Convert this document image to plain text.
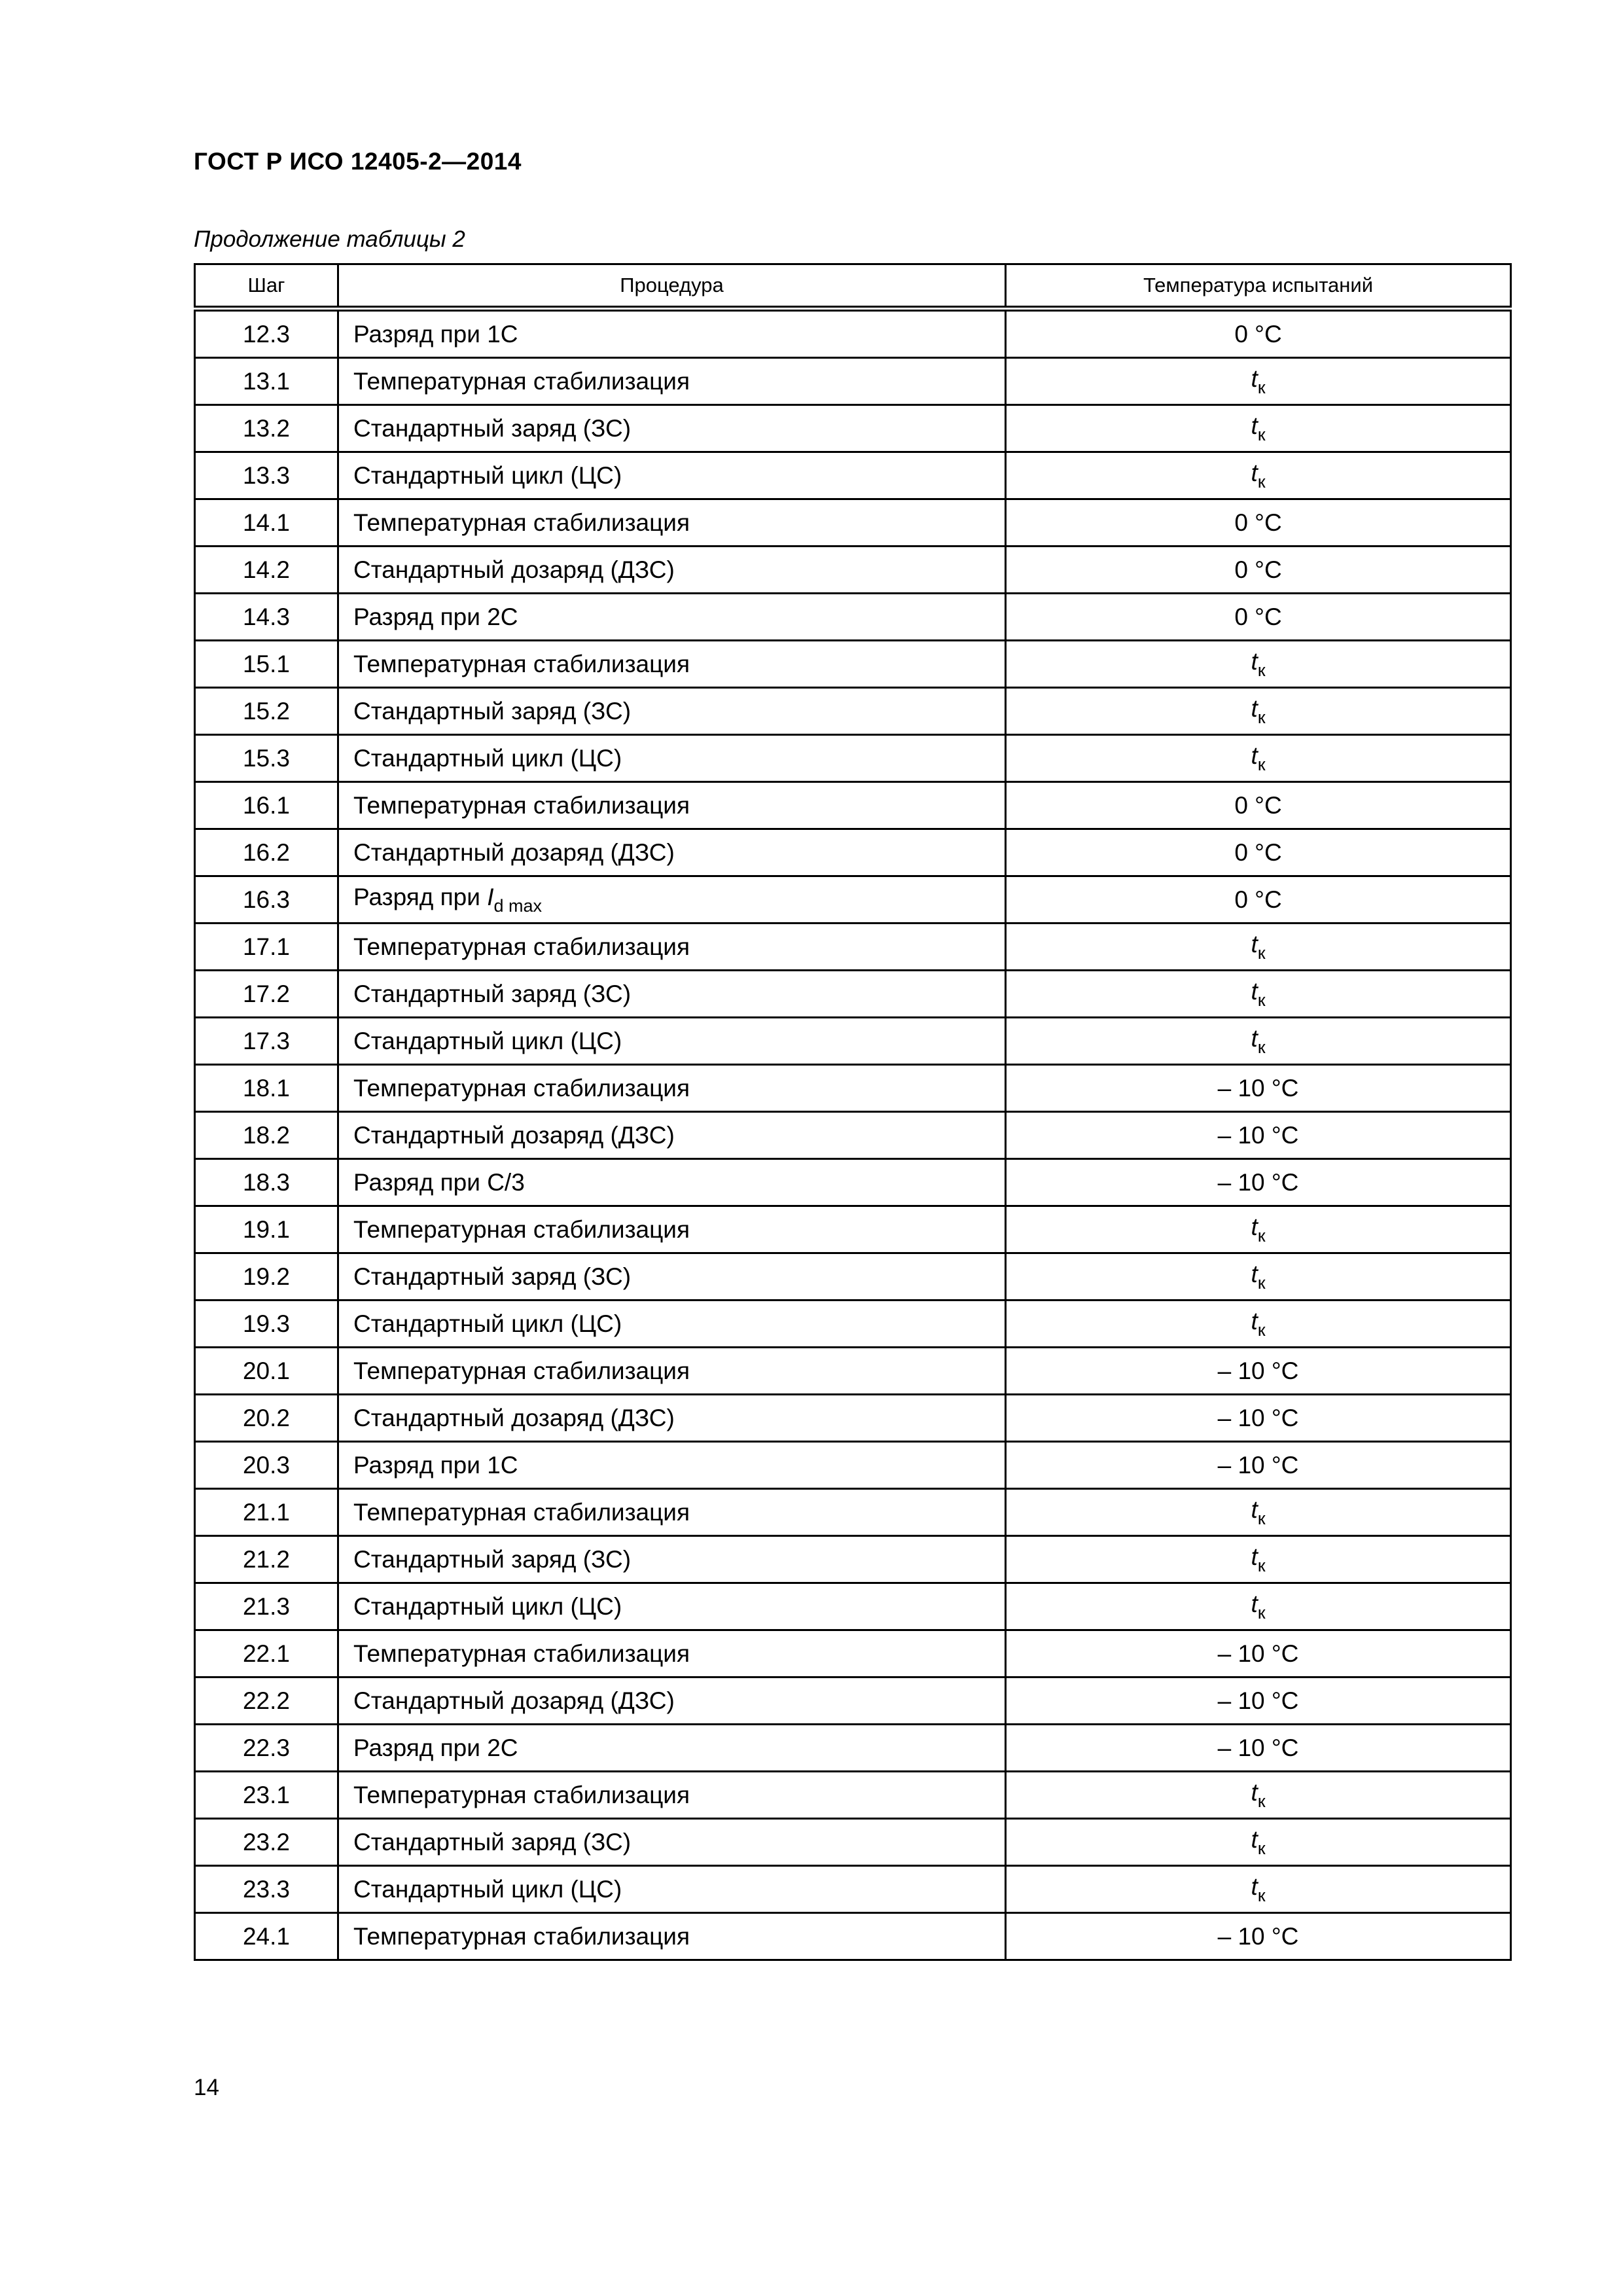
ГОСТ Р ИСО 12405-2—2014
Продолжение таблицы 2
Шаг	Процедура	Температура испытаний
12.3	Разряд при 1С	0 °С
13.1	Температурная стабилизация	$t_к$
13.2	Стандартный заряд (ЗС)	$t_к$
13.3	Стандартный цикл (ЦС)	$t_к$
14.1	Температурная стабилизация	0 °С
14.2	Стандартный дозаряд (ДЗС)	0 °С
14.3	Разряд при 2С	0 °С
15.1	Температурная стабилизация	$t_к$
15.2	Стандартный заряд (ЗС)	$t_к$
15.3	Стандартный цикл (ЦС)	$t_к$
16.1	Температурная стабилизация	0 °С
16.2	Стандартный дозаряд (ДЗС)	0 °С
16.3	Разряд при $I_{d max}$	0 °С
17.1	Температурная стабилизация	$t_к$
17.2	Стандартный заряд (ЗС)	$t_к$
17.3	Стандартный цикл (ЦС)	$t_к$
18.1	Температурная стабилизация	– 10 °С
18.2	Стандартный дозаряд (ДЗС)	– 10 °С
18.3	Разряд при С/3	– 10 °С
19.1	Температурная стабилизация	$t_к$
19.2	Стандартный заряд (ЗС)	$t_к$
19.3	Стандартный цикл (ЦС)	$t_к$
20.1	Температурная стабилизация	– 10 °С
20.2	Стандартный дозаряд (ДЗС)	– 10 °С
20.3	Разряд при 1С	– 10 °С
21.1	Температурная стабилизация	$t_к$
21.2	Стандартный заряд (ЗС)	$t_к$
21.3	Стандартный цикл (ЦС)	$t_к$
22.1	Температурная стабилизация	– 10 °С
22.2	Стандартный дозаряд (ДЗС)	– 10 °С
22.3	Разряд при 2С	– 10 °С
23.1	Температурная стабилизация	$t_к$
23.2	Стандартный заряд (ЗС)	$t_к$
23.3	Стандартный цикл (ЦС)	$t_к$
24.1	Температурная стабилизация	– 10 °С
14
